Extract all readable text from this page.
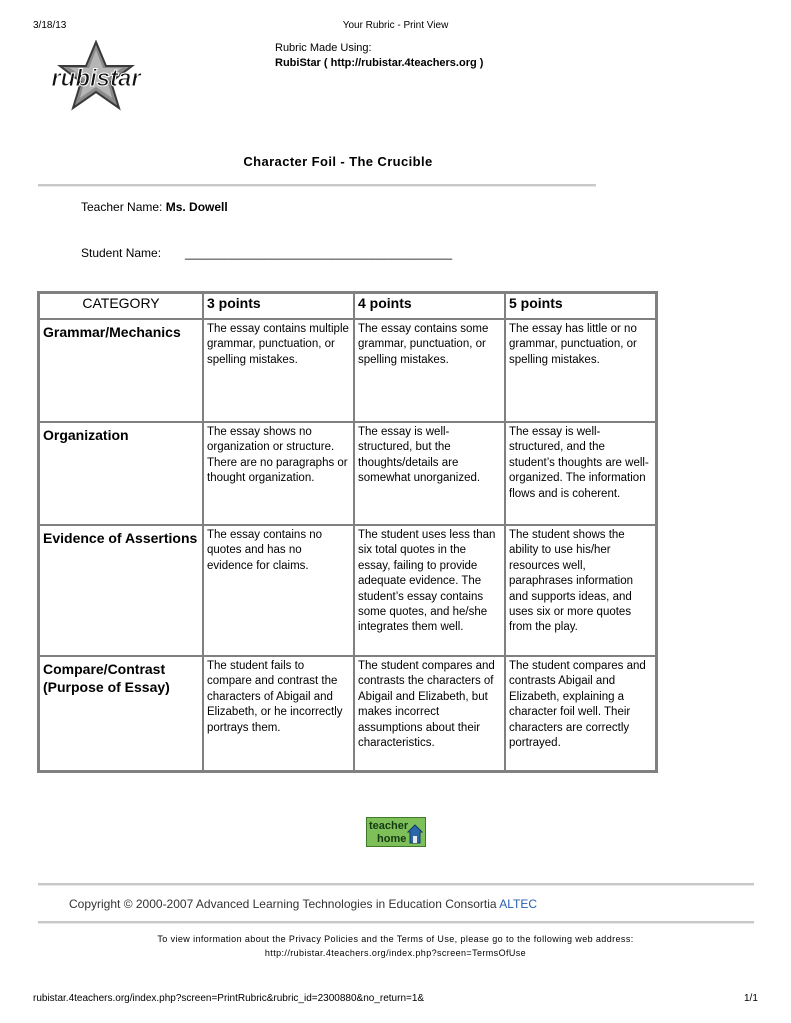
3/18/13	Your Rubric - Print View
rubistar
Rubric Made Using:
RubiStar ( http://rubistar.4teachers.org )
Character Foil - The Crucible
Teacher Name: Ms. Dowell
Student Name: ________________________________________
CATEGORY	3 points	4 points	5 points
Grammar/Mechanics	The essay contains multiple grammar, punctuation, or spelling mistakes.	The essay contains some grammar, punctuation, or spelling mistakes.	The essay has little or no grammar, punctuation, or spelling mistakes.
Organization	The essay shows no organization or structure. There are no paragraphs or thought organization.	The essay is well-structured, but the thoughts/details are somewhat unorganized.	The essay is well-structured, and the student’s thoughts are well-organized. The information flows and is coherent.
Evidence of Assertions	The essay contains no quotes and has no evidence for claims.	The student uses less than six total quotes in the essay, failing to provide adequate evidence. The student’s essay contains some quotes, and he/she integrates them well.	The student shows the ability to use his/her resources well, paraphrases information and supports ideas, and uses six or more quotes from the play.
Compare/Contrast (Purpose of Essay)	The student fails to compare and contrast the characters of Abigail and Elizabeth, or he incorrectly portrays them.	The student compares and contrasts the characters of Abigail and Elizabeth, but makes incorrect assumptions about their characteristics.	The student compares and contrasts Abigail and Elizabeth, explaining a character foil well. Their characters are correctly portrayed.
teacher
home
Copyright © 2000-2007 Advanced Learning Technologies in Education Consortia ALTEC
To view information about the Privacy Policies and the Terms of Use, please go to the following web address:
http://rubistar.4teachers.org/index.php?screen=TermsOfUse
rubistar.4teachers.org/index.php?screen=PrintRubric&rubric_id=2300880&no_return=1&	1/1
